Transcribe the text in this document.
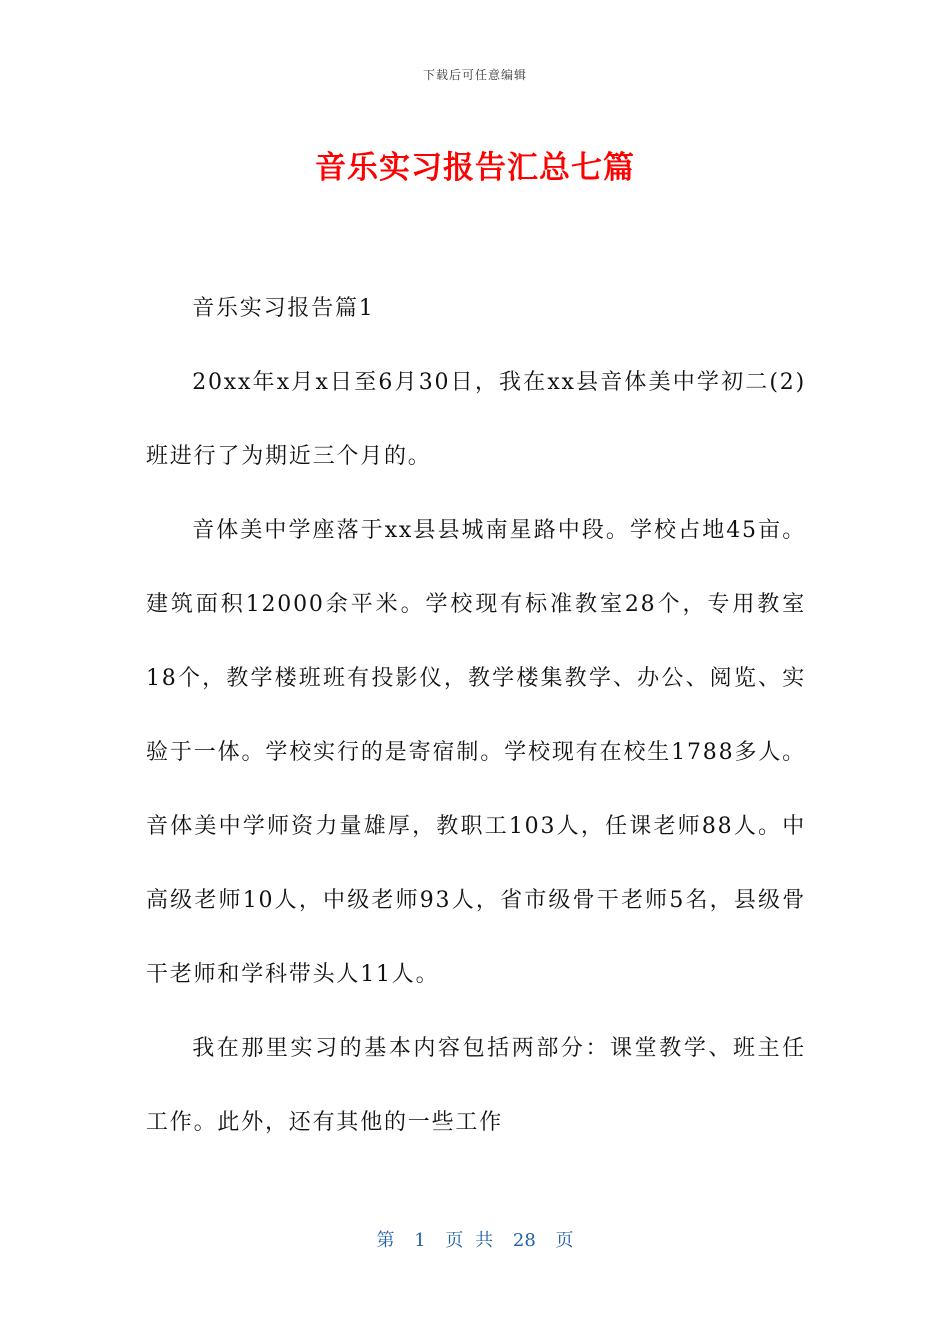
下载后可任意编辑
音乐实习报告汇总七篇

音乐实习报告篇1

20xx年x月x日至6月30日，我在xx县音体美中学初二(2)班进行了为期近三个月的。

音体美中学座落于xx县县城南星路中段。学校占地45亩。建筑面积12000余平米。学校现有标准教室28个，专用教室18个，教学楼班班有投影仪，教学楼集教学、办公、阅览、实验于一体。学校实行的是寄宿制。学校现有在校生1788多人。音体美中学师资力量雄厚，教职工103人，任课老师88人。中高级老师10人，中级老师93人，省市级骨干老师5名，县级骨干老师和学科带头人11人。

我在那里实习的基本内容包括两部分：课堂教学、班主任工作。此外，还有其他的一些工作

第 1 页 共 28 页
